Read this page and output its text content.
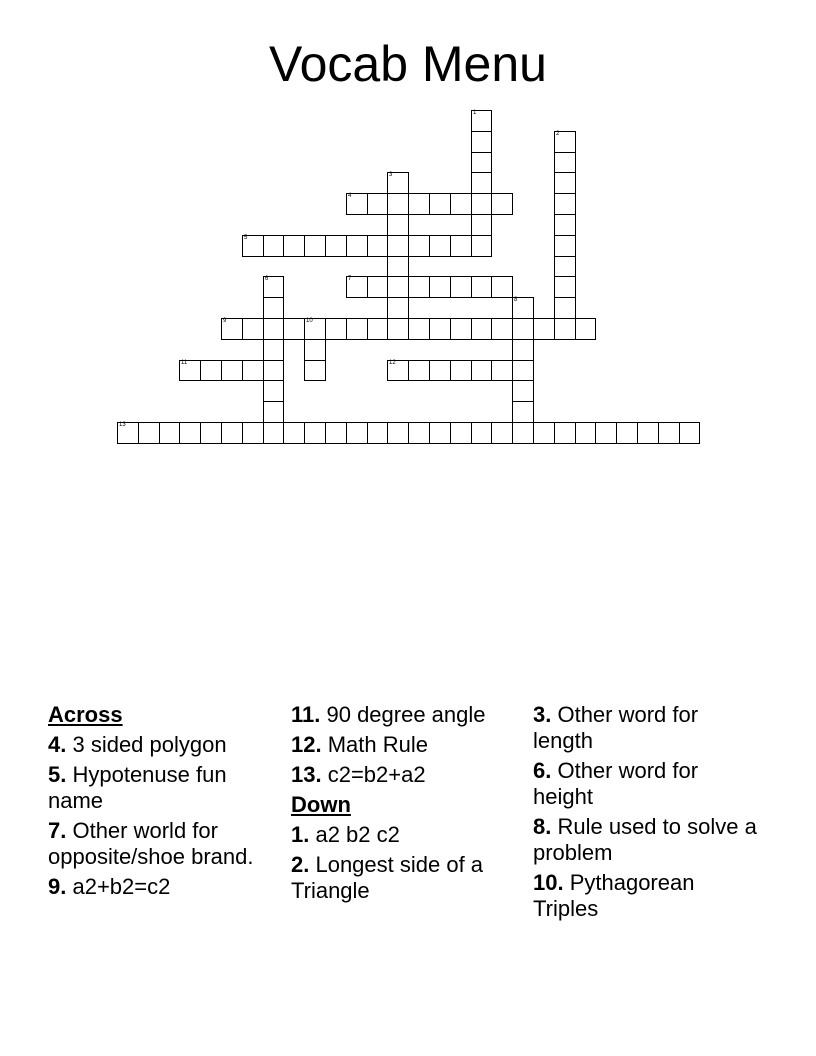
Vocab Menu
4
5
7
9	10
11	12
13
1
2
3
6
8
Across
4. 3 sided polygon
5. Hypotenuse fun name
7. Other world for opposite/shoe brand.
9. a2+b2=c2
11. 90 degree angle
12. Math Rule
13. c2=b2+a2
Down
1. a2 b2 c2
2. Longest side of a Triangle
3. Other word for length
6. Other word for height
8. Rule used to solve a problem
10. Pythagorean Triples
